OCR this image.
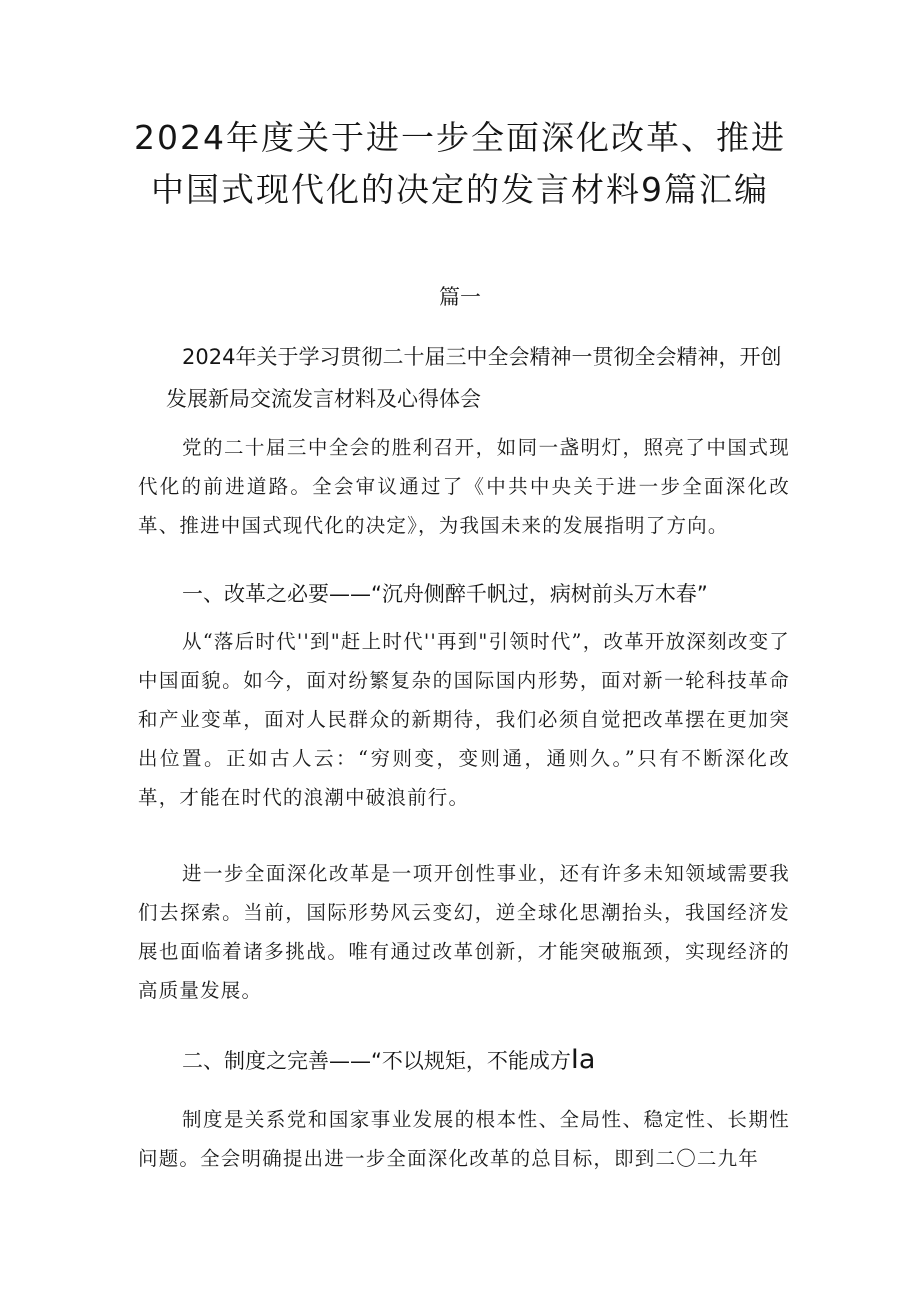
2024年度关于进一步全面深化改革、推进
中国式现代化的决定的发言材料9篇汇编
篇一
2024年关于学习贯彻二十届三中全会精神一贯彻全会精神，开创
发展新局交流发言材料及心得体会
党的二十届三中全会的胜利召开，如同一盏明灯，照亮了中国式现代化的前进道路。全会审议通过了《中共中央关于进一步全面深化改革、推进中国式现代化的决定》，为我国未来的发展指明了方向。
一、改革之必要——“沉舟侧醉千帆过，病树前头万木春”
从“落后时代''到"赶上时代''再到"引领时代”，改革开放深刻改变了中国面貌。如今，面对纷繁复杂的国际国内形势，面对新一轮科技革命和产业变革，面对人民群众的新期待，我们必须自觉把改革摆在更加突出位置。正如古人云：“穷则变，变则通，通则久。”只有不断深化改革，才能在时代的浪潮中破浪前行。
进一步全面深化改革是一项开创性事业，还有许多未知领域需要我们去探索。当前，国际形势风云变幻，逆全球化思潮抬头，我国经济发展也面临着诸多挑战。唯有通过改革创新，才能突破瓶颈，实现经济的高质量发展。
二、制度之完善——“不以规矩，不能成方Ia
制度是关系党和国家事业发展的根本性、全局性、稳定性、长期性问题。全会明确提出进一步全面深化改革的总目标，即到二〇二九年
